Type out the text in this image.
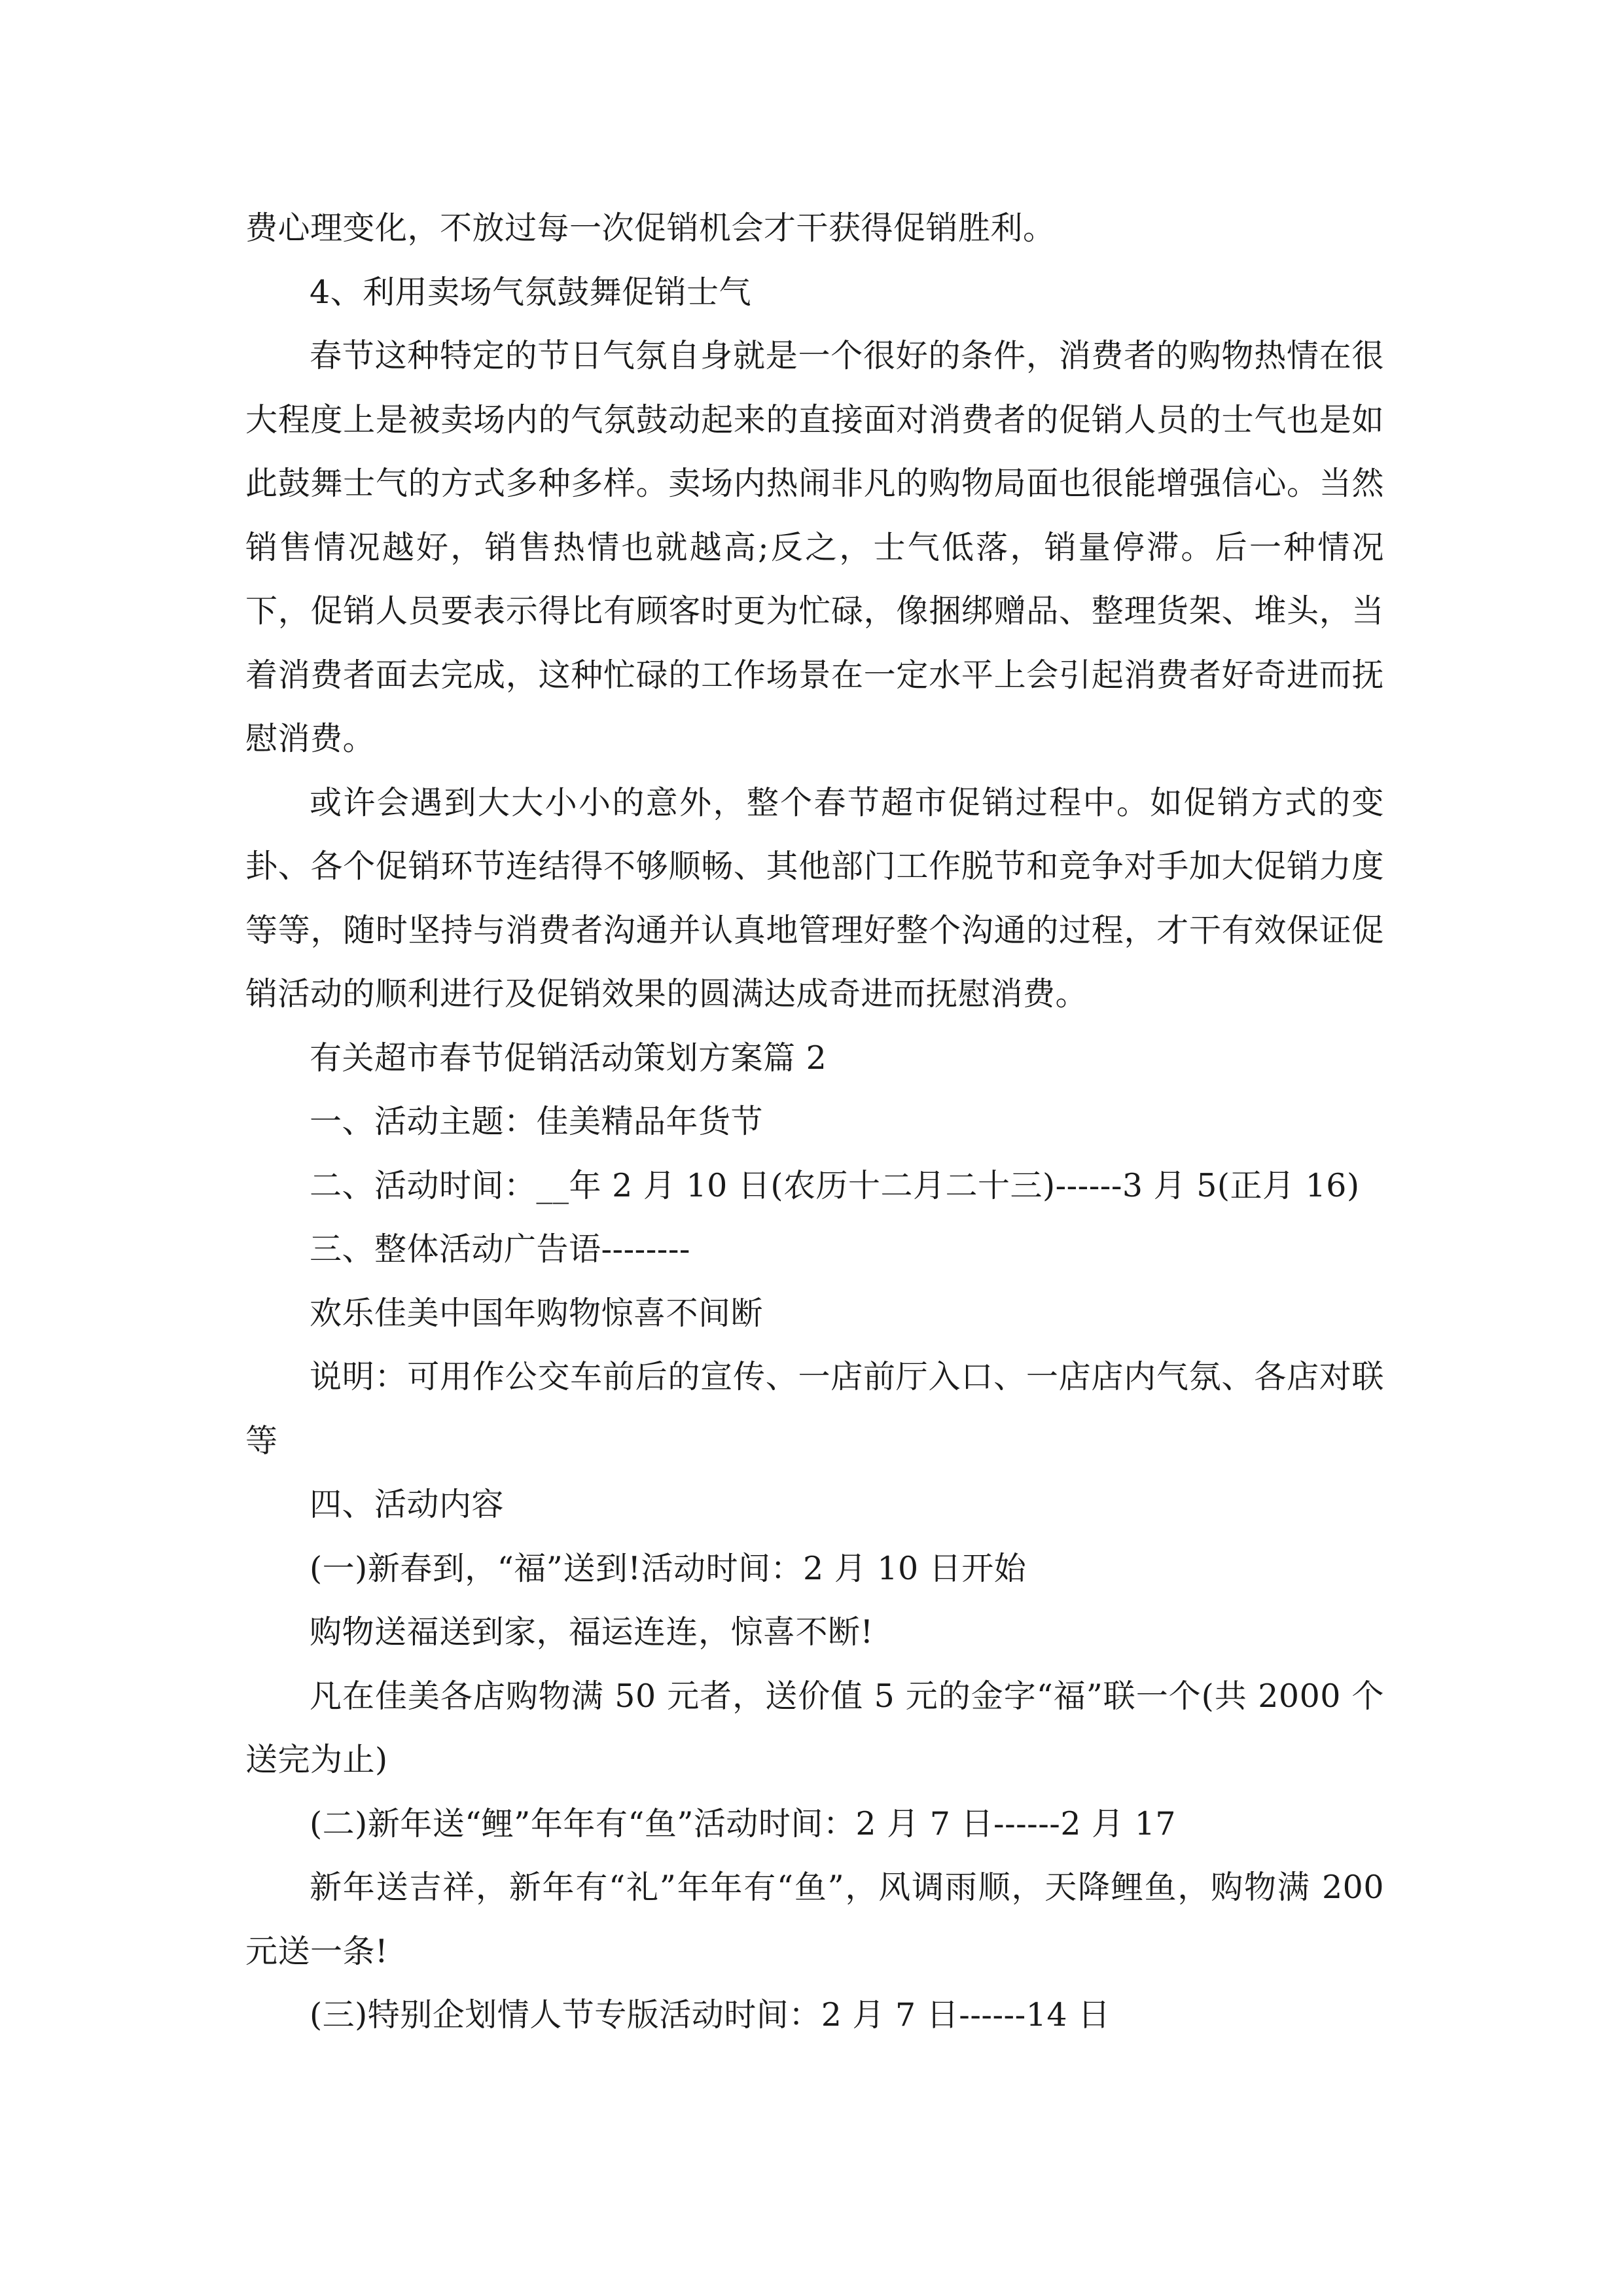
费心理变化，不放过每一次促销机会才干获得促销胜利。

4、利用卖场气氛鼓舞促销士气

春节这种特定的节日气氛自身就是一个很好的条件，消费者的购物热情在很大程度上是被卖场内的气氛鼓动起来的直接面对消费者的促销人员的士气也是如此鼓舞士气的方式多种多样。卖场内热闹非凡的购物局面也很能增强信心。当然销售情况越好，销售热情也就越高;反之，士气低落，销量停滞。后一种情况下，促销人员要表示得比有顾客时更为忙碌，像捆绑赠品、整理货架、堆头，当着消费者面去完成，这种忙碌的工作场景在一定水平上会引起消费者好奇进而抚慰消费。

或许会遇到大大小小的意外，整个春节超市促销过程中。如促销方式的变卦、各个促销环节连结得不够顺畅、其他部门工作脱节和竞争对手加大促销力度等等，随时坚持与消费者沟通并认真地管理好整个沟通的过程，才干有效保证促销活动的顺利进行及促销效果的圆满达成奇进而抚慰消费。

有关超市春节促销活动策划方案篇 2

一、活动主题：佳美精品年货节

二、活动时间：__年 2 月 10 日(农历十二月二十三)------3 月 5(正月 16)

三、整体活动广告语--------

欢乐佳美中国年购物惊喜不间断

说明：可用作公交车前后的宣传、一店前厅入口、一店店内气氛、各店对联等

四、活动内容

(一)新春到，“福”送到!活动时间：2 月 10 日开始

购物送福送到家，福运连连，惊喜不断!

凡在佳美各店购物满 50 元者，送价值 5 元的金字“福”联一个(共 2000 个送完为止)

(二)新年送“鲤”年年有“鱼”活动时间：2 月 7 日------2 月 17

新年送吉祥，新年有“礼”年年有“鱼”，风调雨顺，天降鲤鱼，购物满 200 元送一条!

(三)特别企划情人节专版活动时间：2 月 7 日------14 日
